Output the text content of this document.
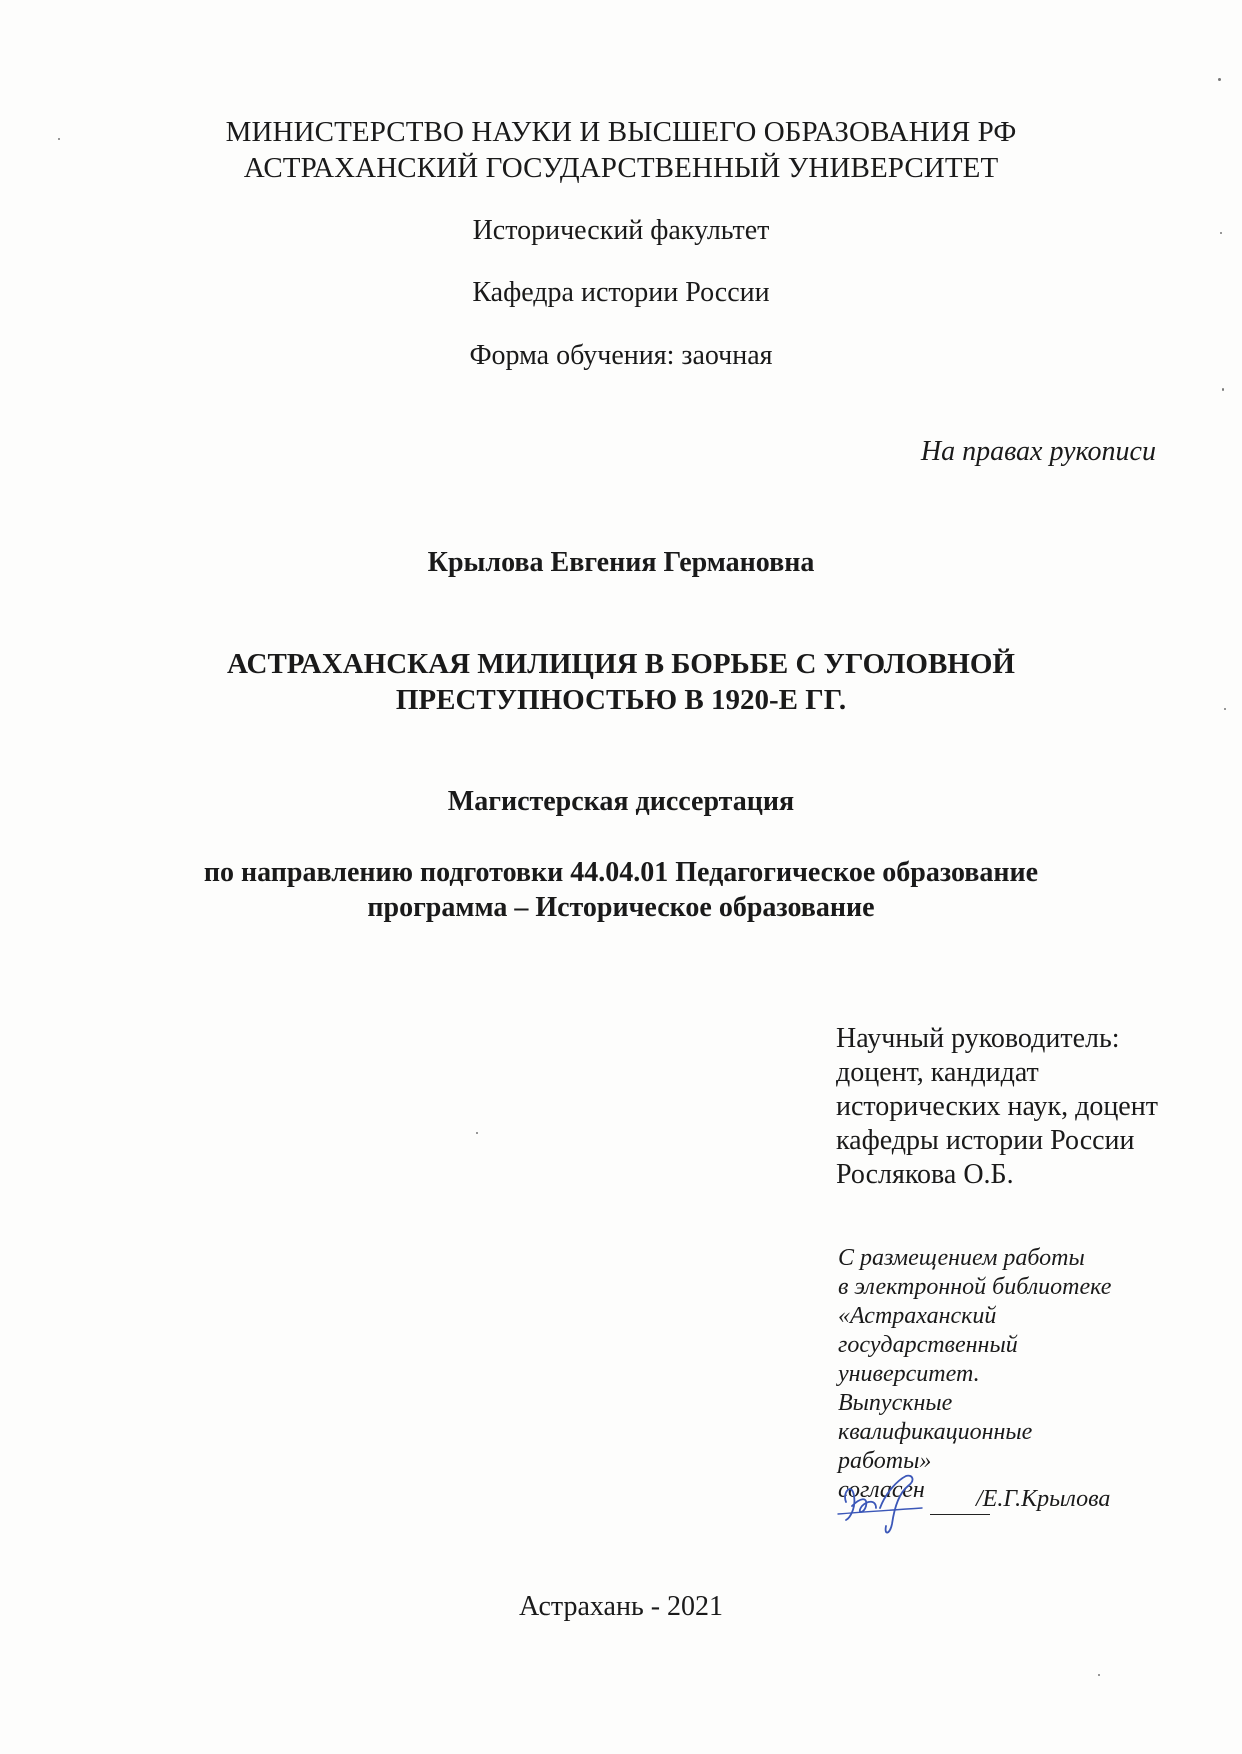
МИНИСТЕРСТВО НАУКИ И ВЫСШЕГО ОБРАЗОВАНИЯ РФ
АСТРАХАНСКИЙ ГОСУДАРСТВЕННЫЙ УНИВЕРСИТЕТ
Исторический факультет
Кафедра истории России
Форма обучения: заочная
На правах рукописи
Крылова Евгения Германовна
АСТРАХАНСКАЯ МИЛИЦИЯ В БОРЬБЕ С УГОЛОВНОЙ
ПРЕСТУПНОСТЬЮ В 1920-Е ГГ.
Магистерская диссертация
по направлению подготовки 44.04.01 Педагогическое образование
программа – Историческое образование
Научный руководитель:
доцент, кандидат
исторических наук, доцент
кафедры истории России
Рослякова О.Б.
С размещением работы
в электронной библиотеке
«Астраханский
государственный
университет.
Выпускные
квалификационные
работы»
согласен	/Е.Г.Крылова
Астрахань - 2021
